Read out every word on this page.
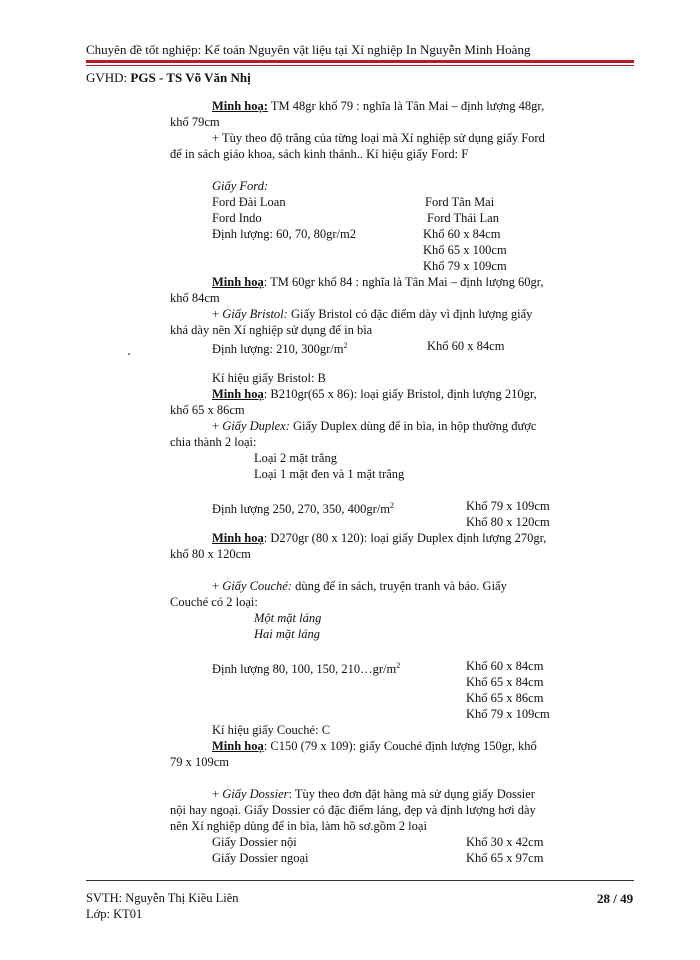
Chuyên đề tốt nghiệp: Kế toán Nguyên vật liệu tại Xí nghiệp In Nguyễn Minh Hoàng
GVHD: PGS - TS Võ Văn Nhị
Minh hoạ: TM 48gr khổ 79 : nghĩa là Tân Mai – định lượng 48gr,
khổ 79cm
+ Tùy theo độ trắng của từng loại mà Xí nghiệp sử dụng giấy Ford
để in sách giáo khoa, sách kinh thánh.. Kí hiệu giấy Ford: F
Giấy Ford:
Ford Đài Loan	Ford Tân Mai
Ford Indo	Ford Thái Lan
Định lượng: 60, 70, 80gr/m2	Khổ 60 x 84cm
Khổ 65 x 100cm
Khổ 79 x 109cm
Minh hoạ: TM 60gr khổ 84 : nghĩa là Tân Mai – định lượng 60gr,
khổ 84cm
+ Giấy Bristol: Giấy Bristol có đặc điểm dày vì định lượng giấy
khá dày nên Xí nghiệp sử dụng để in bìa
Định lượng: 210, $300gr/m^2$	Khổ 60 x 84cm
Kí hiệu giấy Bristol: B
Minh hoạ: B210gr(65 x 86): loại giấy Bristol, định lượng 210gr,
khổ 65 x 86cm
+ Giấy Duplex: Giấy Duplex dùng để in bìa, in hộp thường được
chia thành 2 loại:
Loại 2 mặt trắng
Loại 1 mặt đen và 1 mặt trắng
Định lượng 250, 270, 350, $400gr/m^2$	Khổ 79 x 109cm
Khổ 80 x 120cm
Minh hoạ: D270gr (80 x 120): loại giấy Duplex định lượng 270gr,
khổ 80 x 120cm
+ Giấy Couché: dùng để in sách, truyện tranh và báo. Giấy
Couché có 2 loại:
Một mặt láng
Hai mặt láng
Định lượng 80, 100, 150, $210\dots gr/m^2$	Khổ 60 x 84cm
Khổ 65 x 84cm
Khổ 65 x 86cm
Khổ 79 x 109cm
Kí hiệu giấy Couché: C
Minh hoạ: C150 (79 x 109): giấy Couché định lượng 150gr, khổ
79 x 109cm
+ Giấy Dossier: Tùy theo đơn đặt hàng mà sử dụng giấy Dossier
nội hay ngoại. Giấy Dossier có đặc điểm láng, đẹp và định lượng hơi dày
nên Xí nghiệp dùng để in bìa, làm hồ sơ.gồm 2 loại
Giấy Dossier nội	Khổ 30 x 42cm
Giấy Dossier ngoại	Khổ 65 x 97cm
SVTH: Nguyễn Thị Kiều Liên
Lớp: KT01
28 / 49
